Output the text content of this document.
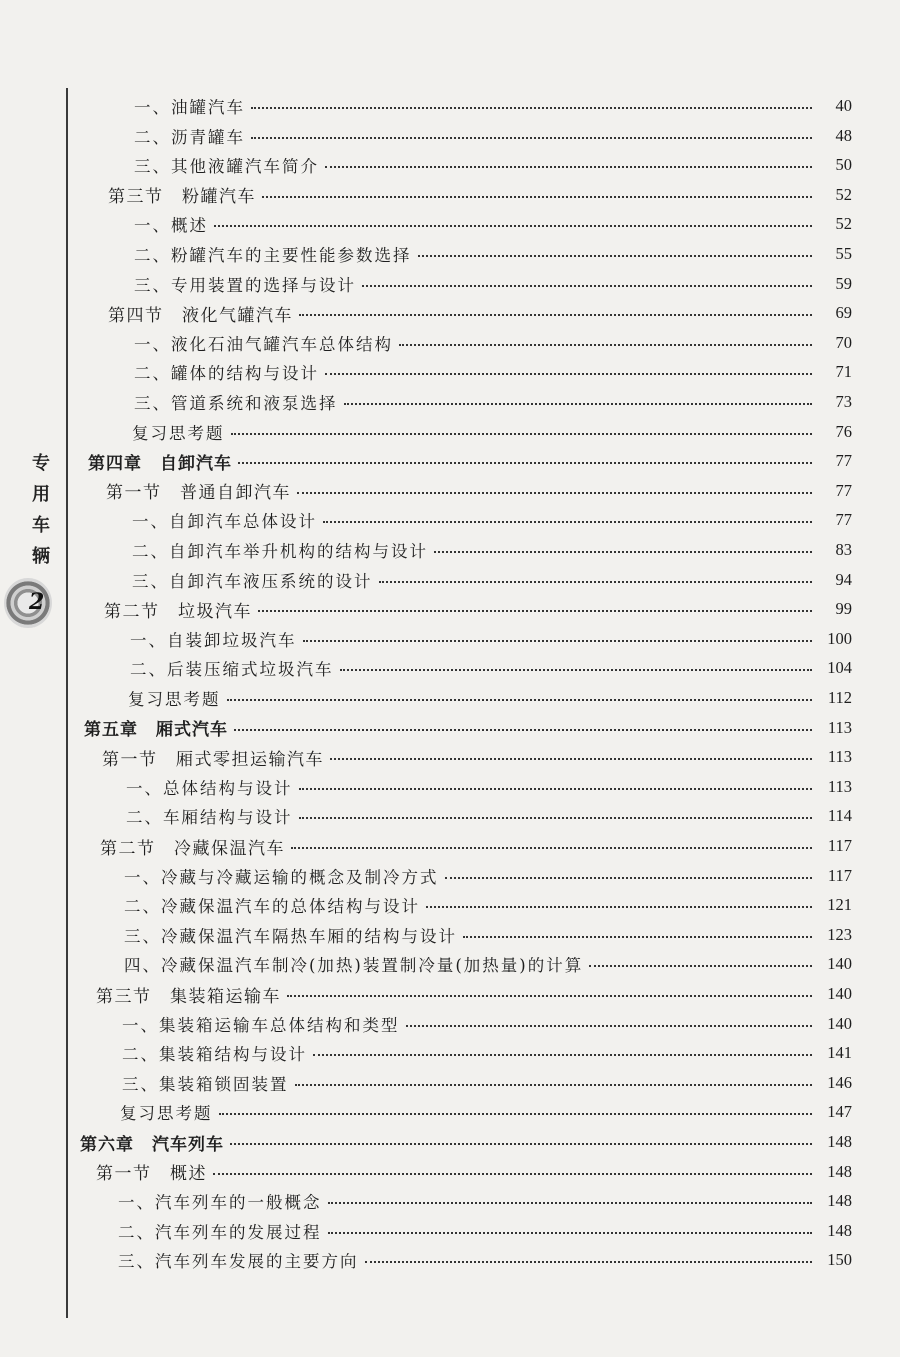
专
用
车
辆
2
一、油罐汽车	40
二、沥青罐车	48
三、其他液罐汽车简介	50
第三节　粉罐汽车	52
一、概述	52
二、粉罐汽车的主要性能参数选择	55
三、专用装置的选择与设计	59
第四节　液化气罐汽车	69
一、液化石油气罐汽车总体结构	70
二、罐体的结构与设计	71
三、管道系统和液泵选择	73
复习思考题	76
第四章　自卸汽车	77
第一节　普通自卸汽车	77
一、自卸汽车总体设计	77
二、自卸汽车举升机构的结构与设计	83
三、自卸汽车液压系统的设计	94
第二节　垃圾汽车	99
一、自装卸垃圾汽车	100
二、后装压缩式垃圾汽车	104
复习思考题	112
第五章　厢式汽车	113
第一节　厢式零担运输汽车	113
一、总体结构与设计	113
二、车厢结构与设计	114
第二节　冷藏保温汽车	117
一、冷藏与冷藏运输的概念及制冷方式	117
二、冷藏保温汽车的总体结构与设计	121
三、冷藏保温汽车隔热车厢的结构与设计	123
四、冷藏保温汽车制冷(加热)装置制冷量(加热量)的计算	140
第三节　集装箱运输车	140
一、集装箱运输车总体结构和类型	140
二、集装箱结构与设计	141
三、集装箱锁固装置	146
复习思考题	147
第六章　汽车列车	148
第一节　概述	148
一、汽车列车的一般概念	148
二、汽车列车的发展过程	148
三、汽车列车发展的主要方向	150
